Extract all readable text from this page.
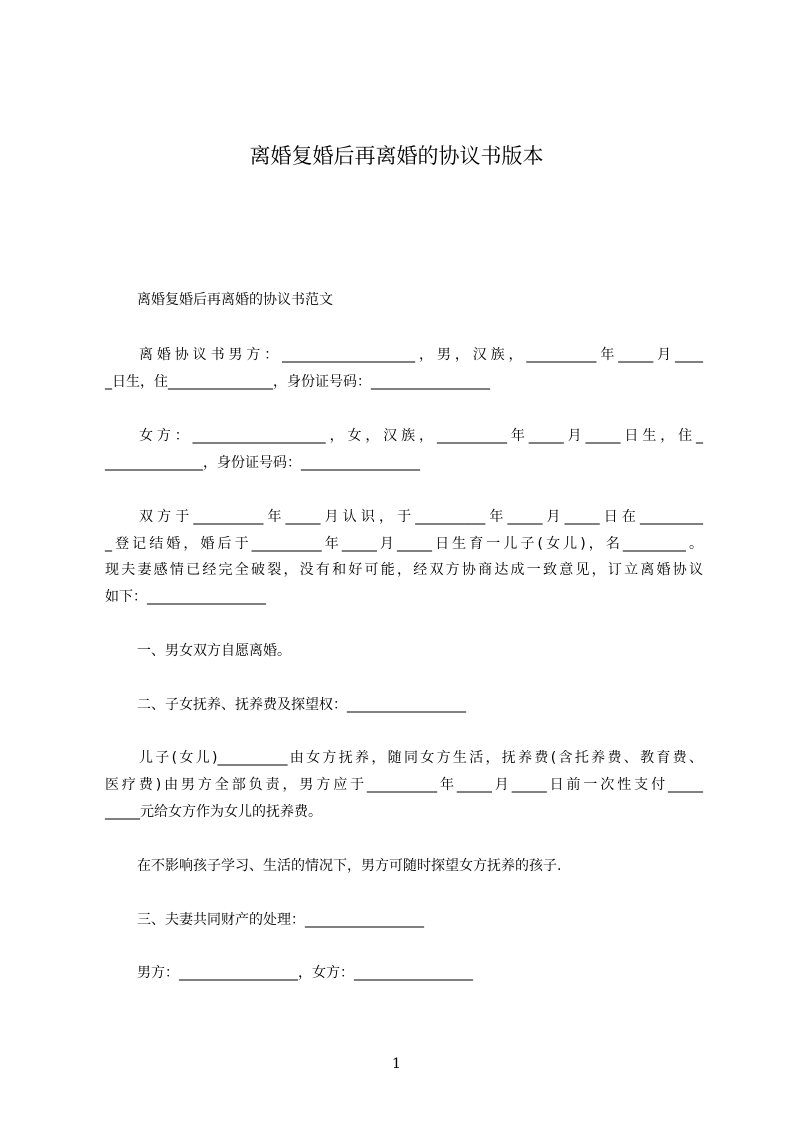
离婚复婚后再离婚的协议书版本
离婚复婚后再离婚的协议书范文
离婚协议书男方：___________________，男，汉族，__________年_____月____
_日生，住_______________，身份证号码：_________________
女方：___________________，女，汉族，__________年_____月_____日生，住_
______________，身份证号码：_________________
双方于__________年_____月认识，于__________年_____月_____日在_________
_登记结婚，婚后于__________年_____月_____日生育一儿子(女儿)，名_________。
现夫妻感情已经完全破裂，没有和好可能，经双方协商达成一致意见，订立离婚协议
如下：_________________
一、男女双方自愿离婚。
二、子女抚养、抚养费及探望权：_________________
儿子(女儿)__________由女方抚养，随同女方生活，抚养费(含托养费、教育费、
医疗费)由男方全部负责，男方应于__________年_____月_____日前一次性支付_____
_____元给女方作为女儿的抚养费。
在不影响孩子学习、生活的情况下，男方可随时探望女方抚养的孩子.
三、夫妻共同财产的处理：_________________
男方：_________________，女方：_________________
1
